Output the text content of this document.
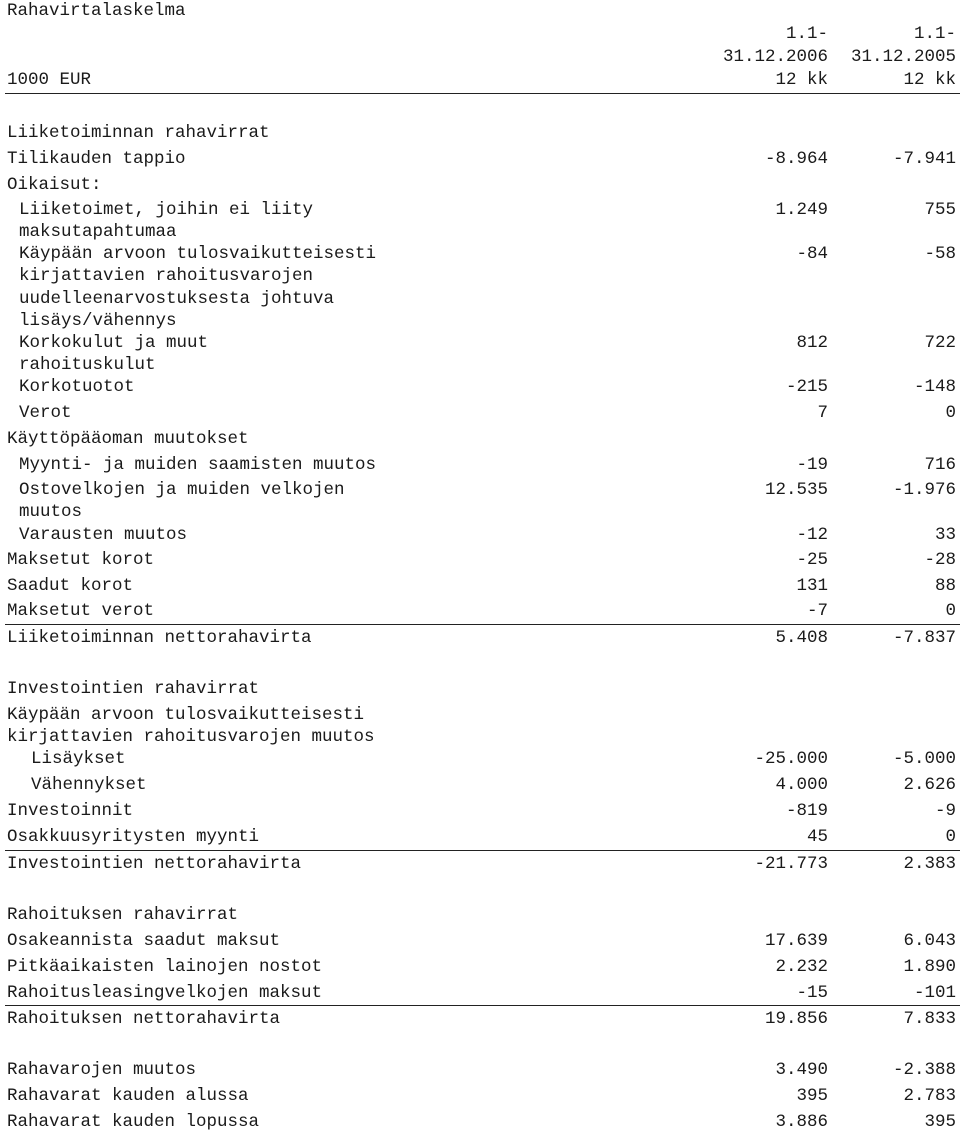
Rahavirtalaskelma
1.1-	1.1-
31.12.2006 31.12.2005
1000 EUR	12 kk	12 kk
Liiketoiminnan rahavirrat
Tilikauden tappio	-8.964	-7.941
Oikaisut:
Liiketoimet, joihin ei liity	1.249	755
maksutapahtumaa
Käypään arvoon tulosvaikutteisesti	-84	-58
kirjattavien rahoitusvarojen
uudelleenarvostuksesta johtuva
lisäys/vähennys
Korkokulut ja muut	812	722
rahoituskulut
Korkotuotot	-215	-148
Verot	7	0
Käyttöpääoman muutokset
Myynti- ja muiden saamisten muutos	-19	716
Ostovelkojen ja muiden velkojen	12.535	-1.976
muutos
Varausten muutos	-12	33
Maksetut korot	-25	-28
Saadut korot	131	88
Maksetut verot	-7	0
Liiketoiminnan nettorahavirta	5.408	-7.837
Investointien rahavirrat
Käypään arvoon tulosvaikutteisesti
kirjattavien rahoitusvarojen muutos
Lisäykset	-25.000	-5.000
Vähennykset	4.000	2.626
Investoinnit	-819	-9
Osakkuusyritysten myynti	45	0
Investointien nettorahavirta	-21.773	2.383
Rahoituksen rahavirrat
Osakeannista saadut maksut	17.639	6.043
Pitkäaikaisten lainojen nostot	2.232	1.890
Rahoitusleasingvelkojen maksut	-15	-101
Rahoituksen nettorahavirta	19.856	7.833
Rahavarojen muutos	3.490	-2.388
Rahavarat kauden alussa	395	2.783
Rahavarat kauden lopussa	3.886	395
